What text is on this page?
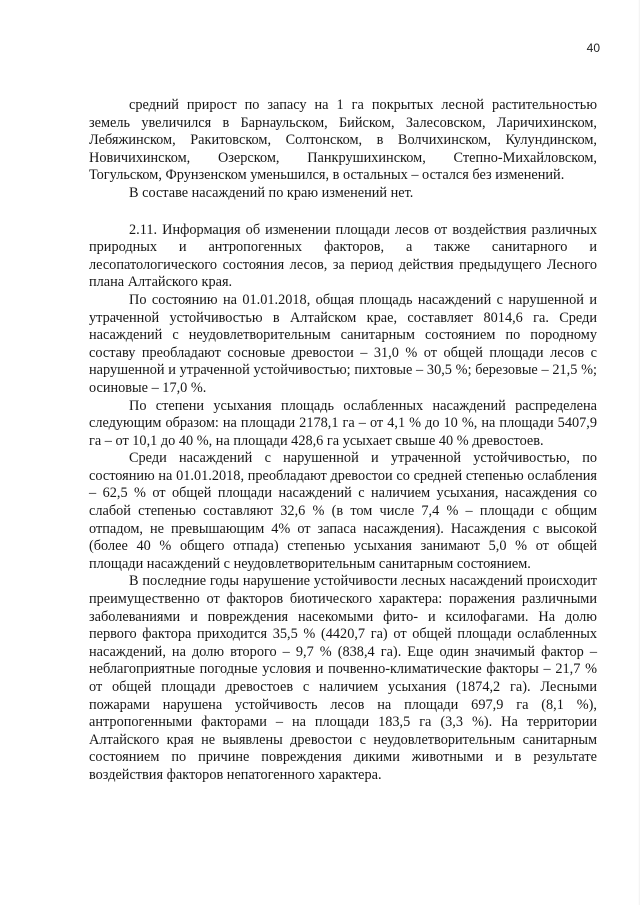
40

средний прирост по запасу на 1 га покрытых лесной растительностью земель увеличился в Барнаульском, Бийском, Залесовском, Ларичихинском, Лебяжинском, Ракитовском, Солтонском, в Волчихинском, Кулундинском, Новичихинском, Озерском, Панкрушихинском, Степно-Михайловском, Тогульском, Фрунзенском уменьшился, в остальных – остался без изменений.

В составе насаждений по краю изменений нет.

2.11. Информация об изменении площади лесов от воздействия различных природных и антропогенных факторов, а также санитарного и лесопатологического состояния лесов, за период действия предыдущего Лесного плана Алтайского края.

По состоянию на 01.01.2018, общая площадь насаждений с нарушенной и утраченной устойчивостью в Алтайском крае, составляет 8014,6 га. Среди насаждений с неудовлетворительным санитарным состоянием по породному составу преобладают сосновые древостои – 31,0 % от общей площади лесов с нарушенной и утраченной устойчивостью; пихтовые – 30,5 %; березовые – 21,5 %; осиновые – 17,0 %.

По степени усыхания площадь ослабленных насаждений распределена следующим образом: на площади 2178,1 га – от 4,1 % до 10 %, на площади 5407,9 га – от 10,1 до 40 %, на площади 428,6 га усыхает свыше 40 % древостоев.

Среди насаждений с нарушенной и утраченной устойчивостью, по состоянию на 01.01.2018, преобладают древостои со средней степенью ослабления – 62,5 % от общей площади насаждений с наличием усыхания, насаждения со слабой степенью составляют 32,6 % (в том числе 7,4 % – площади с общим отпадом, не превышающим 4% от запаса насаждения). Насаждения с высокой (более 40 % общего отпада) степенью усыхания занимают 5,0 % от общей площади насаждений с неудовлетворительным санитарным состоянием.

В последние годы нарушение устойчивости лесных насаждений происходит преимущественно от факторов биотического характера: поражения различными заболеваниями и повреждения насекомыми фито- и ксилофагами. На долю первого фактора приходится 35,5 % (4420,7 га) от общей площади ослабленных насаждений, на долю второго – 9,7 % (838,4 га). Еще один значимый фактор – неблагоприятные погодные условия и почвенно-климатические факторы – 21,7 % от общей площади древостоев с наличием усыхания (1874,2 га). Лесными пожарами нарушена устойчивость лесов на площади 697,9 га (8,1 %), антропогенными факторами – на площади 183,5 га (3,3 %). На территории Алтайского края не выявлены древостои с неудовлетворительным санитарным состоянием по причине повреждения дикими животными и в результате воздействия факторов непатогенного характера.
